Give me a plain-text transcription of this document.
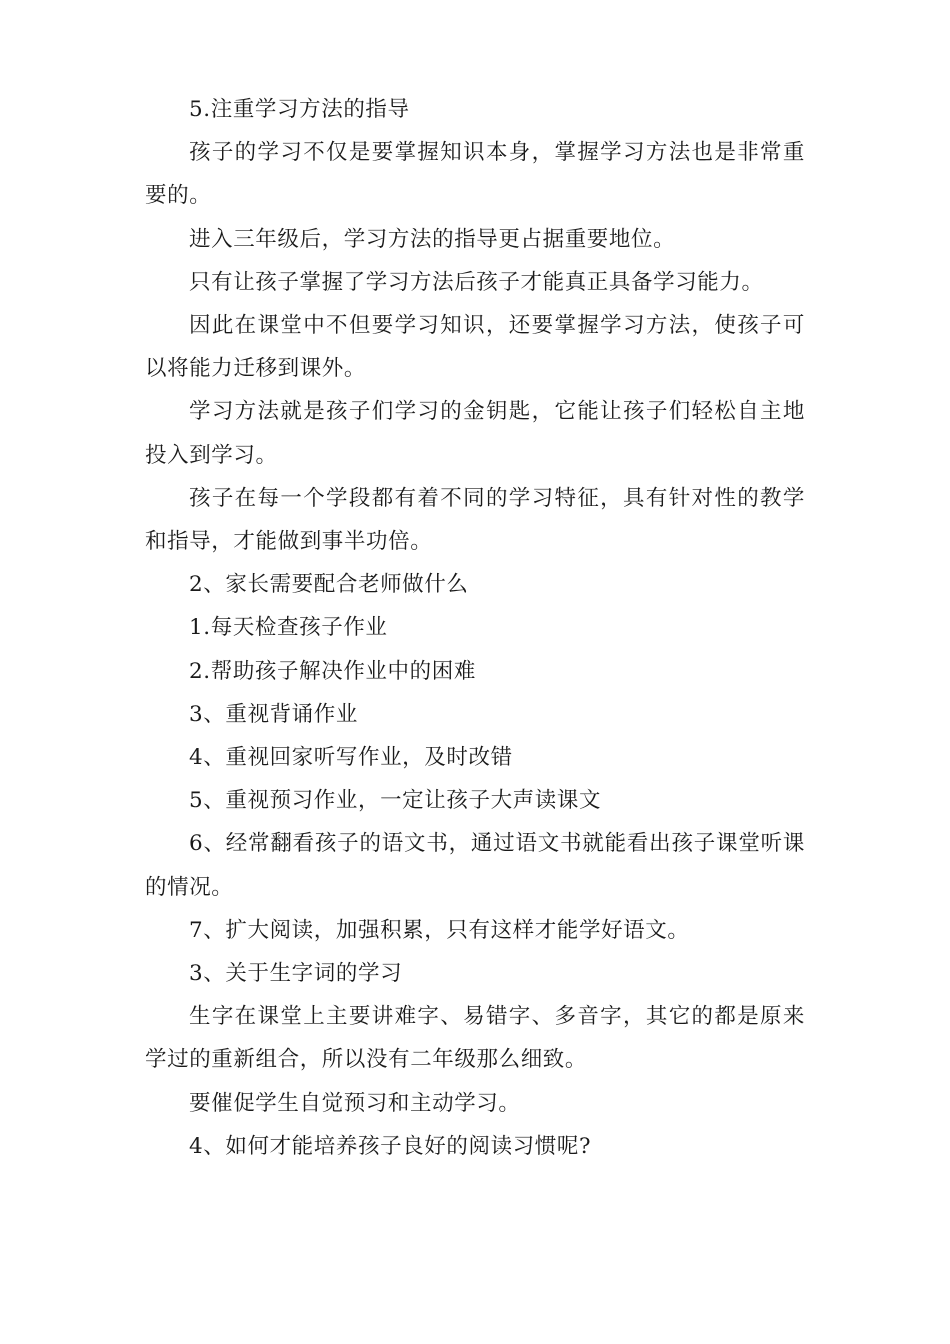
5.注重学习方法的指导

孩子的学习不仅是要掌握知识本身，掌握学习方法也是非常重要的。

进入三年级后，学习方法的指导更占据重要地位。

只有让孩子掌握了学习方法后孩子才能真正具备学习能力。

因此在课堂中不但要学习知识，还要掌握学习方法，使孩子可以将能力迁移到课外。

学习方法就是孩子们学习的金钥匙，它能让孩子们轻松自主地投入到学习。

孩子在每一个学段都有着不同的学习特征，具有针对性的教学和指导，才能做到事半功倍。

2、家长需要配合老师做什么

1.每天检查孩子作业

2.帮助孩子解决作业中的困难

3、重视背诵作业

4、重视回家听写作业，及时改错

5、重视预习作业，一定让孩子大声读课文

6、经常翻看孩子的语文书，通过语文书就能看出孩子课堂听课的情况。

7、扩大阅读，加强积累，只有这样才能学好语文。

3、关于生字词的学习

生字在课堂上主要讲难字、易错字、多音字，其它的都是原来学过的重新组合，所以没有二年级那么细致。

要催促学生自觉预习和主动学习。

4、如何才能培养孩子良好的阅读习惯呢?
